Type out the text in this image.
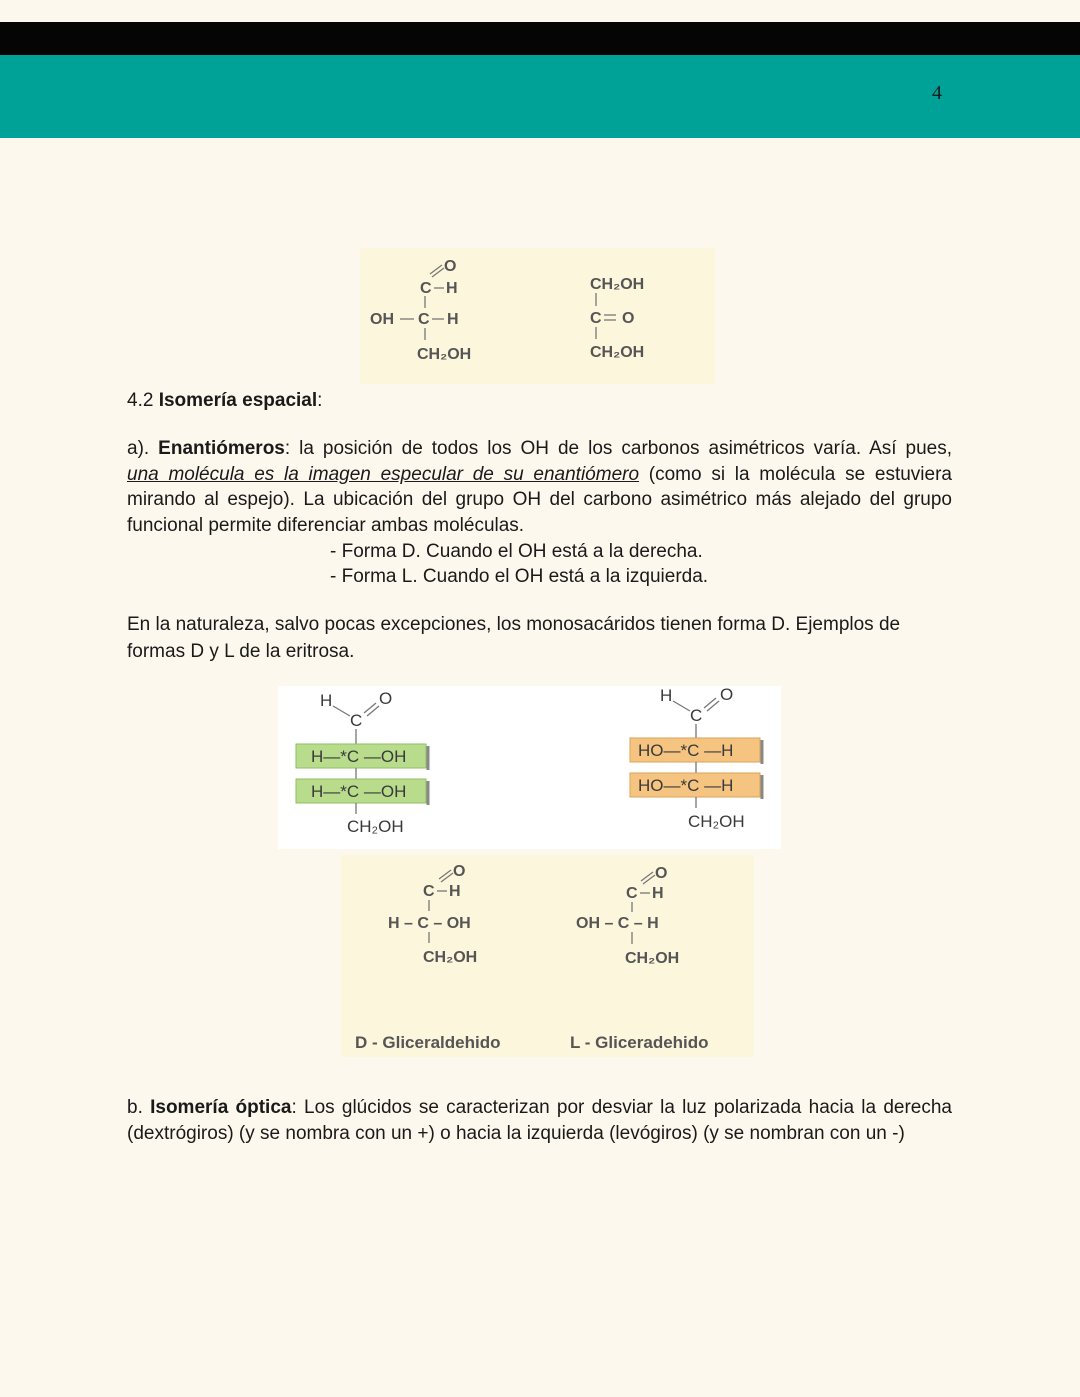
4
O
C H
OH C H
CH₂OH
CH₂OH
C O
CH₂OH
4.2 Isomería espacial:
a). Enantiómeros: la posición de todos los OH de los carbonos asimétricos varía. Así pues,
una molécula es la imagen especular de su enantiómero (como si la molécula se estuviera
mirando al espejo). La ubicación del grupo OH del carbono asimétrico más alejado del grupo
funcional permite diferenciar ambas moléculas.
- Forma D. Cuando el OH está a la derecha.
- Forma L. Cuando el OH está a la izquierda.
En la naturaleza, salvo pocas excepciones, los monosacáridos tienen forma D. Ejemplos de
formas D y L de la eritrosa.
H
C
O
H—*C —OH
H—*C —OH
CH₂OH
H
C
O
HO—*C —H
HO—*C —H
CH₂OH
O
C H
H – C – OH
CH₂OH
D - Gliceraldehido
O
C H
OH – C – H
CH₂OH
L - Gliceradehido
b. Isomería óptica: Los glúcidos se caracterizan por desviar la luz polarizada hacia la derecha
(dextrógiros) (y se nombra con un +) o hacia la izquierda (levógiros) (y se nombran con un -)
